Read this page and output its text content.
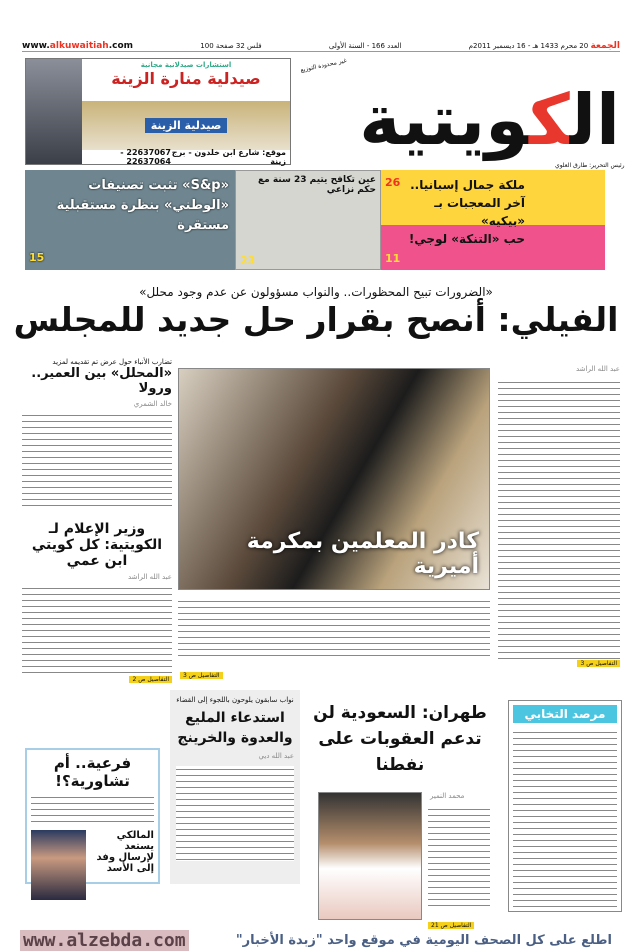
www.alkuwaitiah.com	100 فلس 32 صفحة	العدد 166 - السنة الأولى	الجمعة 20 محرم 1433 هـ - 16 ديسمبر 2011م
استشارات صيدلانية مجانية
صيدلية منارة الزينة
صيدلية الزينة
موقع: شارع ابن خلدون - برج زينة
22637067 - 22637064
غير محدودة التوزيع
الكويتية
رئيس التحرير: طارق العلوي
«S&p» تثبت تصنيفات «الوطني» بنظرة مستقبلية مستقرة
15
عين تكافح يتيم 23 سنة مع حكم نزاعي
23
ملكة جمال إسبانيا.. آخر المعجبات بـ «بيكيه»
حب «التنكة» لوجي!
26
11
«الضرورات تبيح المحظورات.. والنواب مسؤولون عن عدم وجود محلل»
الفيلي: أنصح بقرار حل جديد للمجلس
تضارب الأنباء حول عرض تم تقديمه لمزيد
«المحلل» بين العمير.. ورولا
خالد الشمري
وزير الإعلام لـ الكويتية: كل كويتي ابن عمي
عبد الله الراشد
التفاصيل ص 2
كادر المعلمين بمكرمة أميرية
التفاصيل ص 3
عبد الله الراشد
التفاصيل ص 3
فرعية.. أم تشاورية؟!
المالكي يستعد لإرسال وفد إلى الأسد
نواب سابقون يلوحون باللجوء إلى القضاء
استدعاء المليع والعدوة والخرينج
عبد الله ديي
طهران: السعودية لن تدعم العقوبات على نفطنا
محمد النمير
التفاصيل ص 21
مرصد التخابي
www.alzebda.com	اطلع على كل الصحف اليومية في موقع واحد "زبدة الأخبار"
